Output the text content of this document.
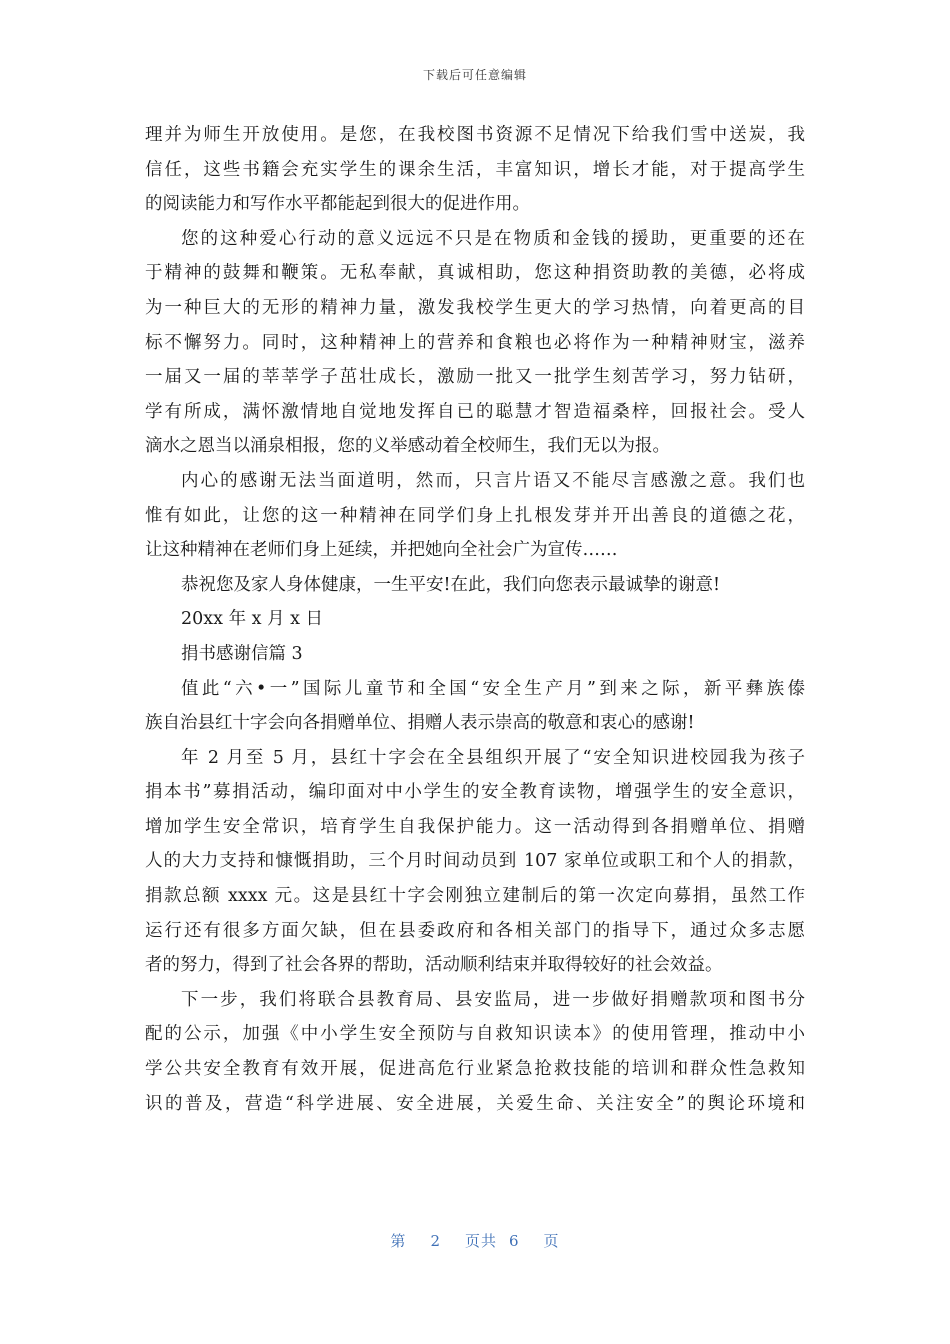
下载后可任意编辑
理并为师生开放使用。是您，在我校图书资源不足情况下给我们雪中送炭，我
信任，这些书籍会充实学生的课余生活，丰富知识，增长才能，对于提高学生
的阅读能力和写作水平都能起到很大的促进作用。
您的这种爱心行动的意义远远不只是在物质和金钱的援助，更重要的还在
于精神的鼓舞和鞭策。无私奉献，真诚相助，您这种捐资助教的美德，必将成
为一种巨大的无形的精神力量，激发我校学生更大的学习热情，向着更高的目
标不懈努力。同时，这种精神上的营养和食粮也必将作为一种精神财宝，滋养
一届又一届的莘莘学子茁壮成长，激励一批又一批学生刻苦学习，努力钻研，
学有所成，满怀激情地自觉地发挥自已的聪慧才智造福桑梓，回报社会。受人
滴水之恩当以涌泉相报，您的义举感动着全校师生，我们无以为报。
内心的感谢无法当面道明，然而，只言片语又不能尽言感激之意。我们也
惟有如此，让您的这一种精神在同学们身上扎根发芽并开出善良的道德之花，
让这种精神在老师们身上延续，并把她向全社会广为宣传……
恭祝您及家人身体健康，一生平安!在此，我们向您表示最诚挚的谢意!
20xx 年 x 月 x 日
捐书感谢信篇 3
值此“六•一”国际儿童节和全国“安全生产月”到来之际，新平彝族傣
族自治县红十字会向各捐赠单位、捐赠人表示崇高的敬意和衷心的感谢!
年 2 月至 5 月，县红十字会在全县组织开展了“安全知识进校园我为孩子
捐本书”募捐活动，编印面对中小学生的安全教育读物，增强学生的安全意识，
增加学生安全常识，培育学生自我保护能力。这一活动得到各捐赠单位、捐赠
人的大力支持和慷慨捐助，三个月时间动员到 107 家单位或职工和个人的捐款，
捐款总额 xxxx 元。这是县红十字会刚独立建制后的第一次定向募捐，虽然工作
运行还有很多方面欠缺，但在县委政府和各相关部门的指导下，通过众多志愿
者的努力，得到了社会各界的帮助，活动顺利结束并取得较好的社会效益。
下一步，我们将联合县教育局、县安监局，进一步做好捐赠款项和图书分
配的公示，加强《中小学生安全预防与自救知识读本》的使用管理，推动中小
学公共安全教育有效开展，促进高危行业紧急抢救技能的培训和群众性急救知
识的普及，营造“科学进展、安全进展，关爱生命、关注安全”的舆论环境和
第 2 页共 6 页
